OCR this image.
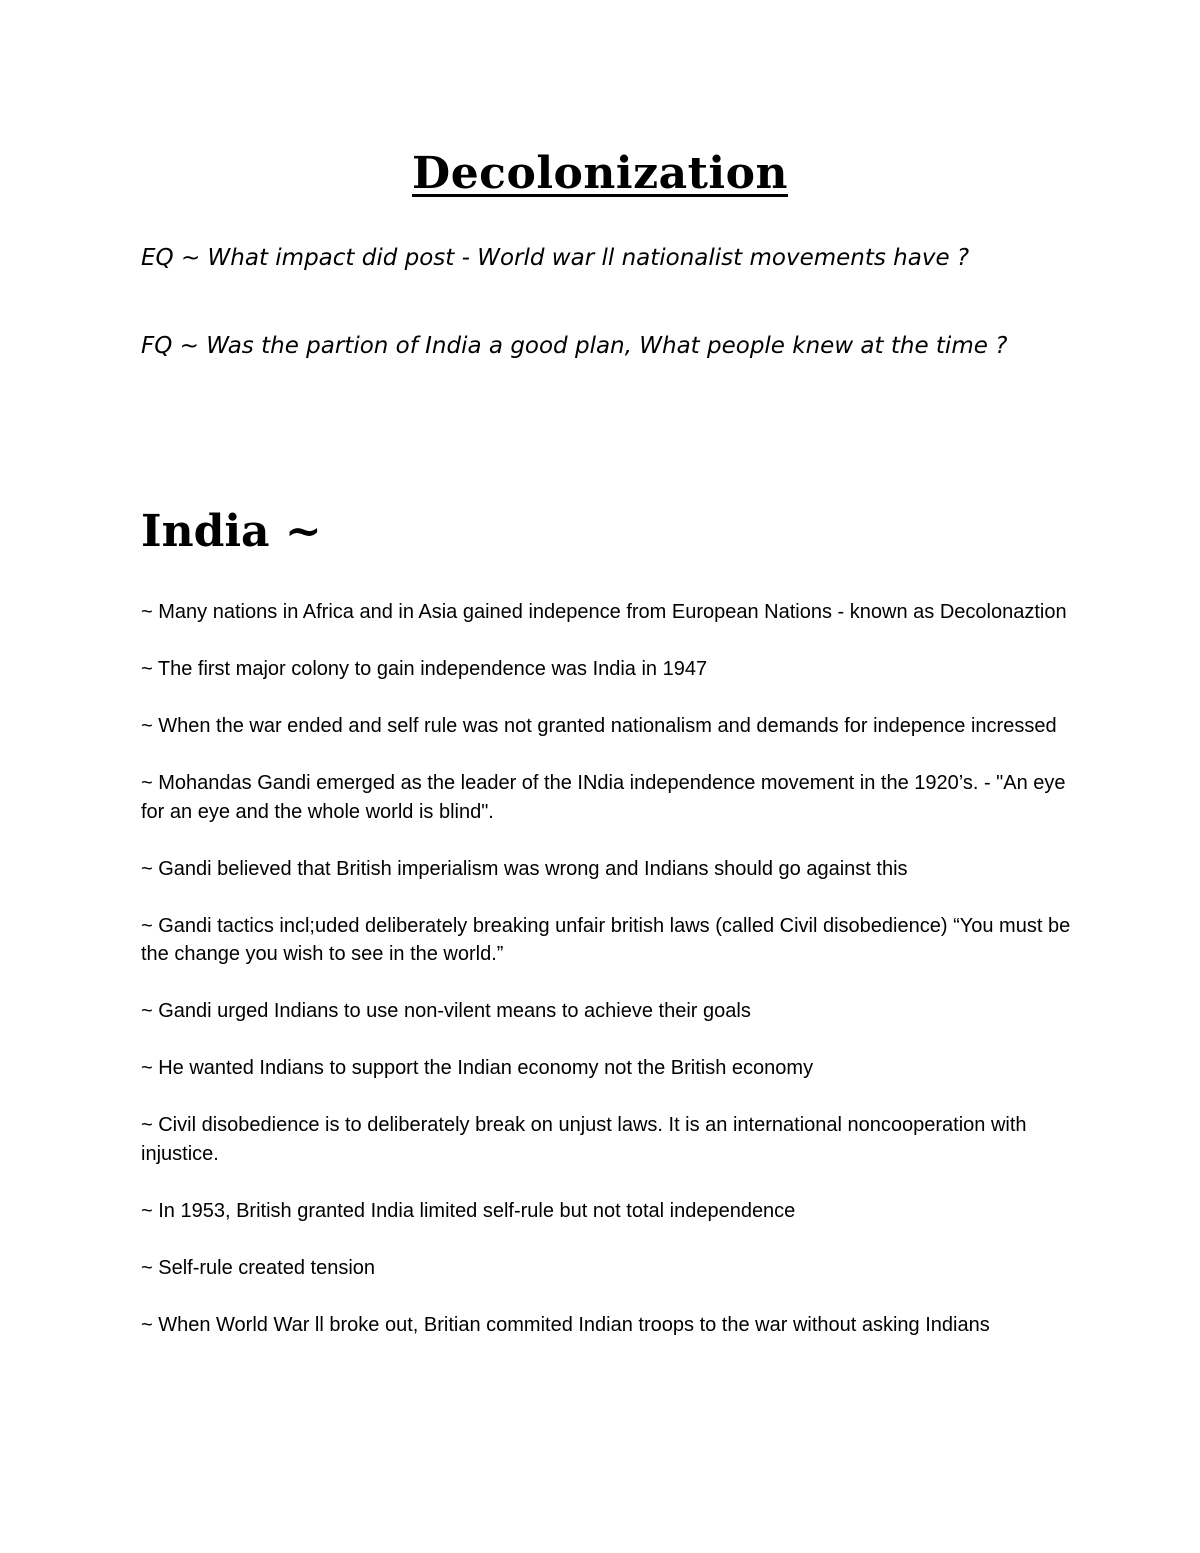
Decolonization
EQ ~ What impact did post - World war ll nationalist movements have ?
FQ ~ Was the partion of India a good plan, What people knew at the time ?
India ~
~ Many nations in Africa and in Asia gained indepence from European Nations - known as Decolonaztion
~ The first major colony to gain independence was India in 1947
~ When the war ended and self rule was not granted nationalism and demands for indepence incressed
~ Mohandas Gandi emerged as the leader of the INdia independence movement in the 1920’s. - "An eye for an eye and the whole world is blind".
~ Gandi believed that British imperialism was wrong and Indians should go against this
~ Gandi tactics incl;uded deliberately breaking unfair british laws (called Civil disobedience) “You must be the change you wish to see in the world.”
~ Gandi urged Indians to use non-vilent means to achieve their goals
~ He wanted Indians to support the Indian economy not the British economy
~ Civil disobedience is to deliberately break on unjust laws. It is an international noncooperation with injustice.
~ In 1953, British granted India limited self-rule but not total independence
~ Self-rule created tension
~ When World War ll broke out, Britian commited Indian troops to the war without asking Indians
